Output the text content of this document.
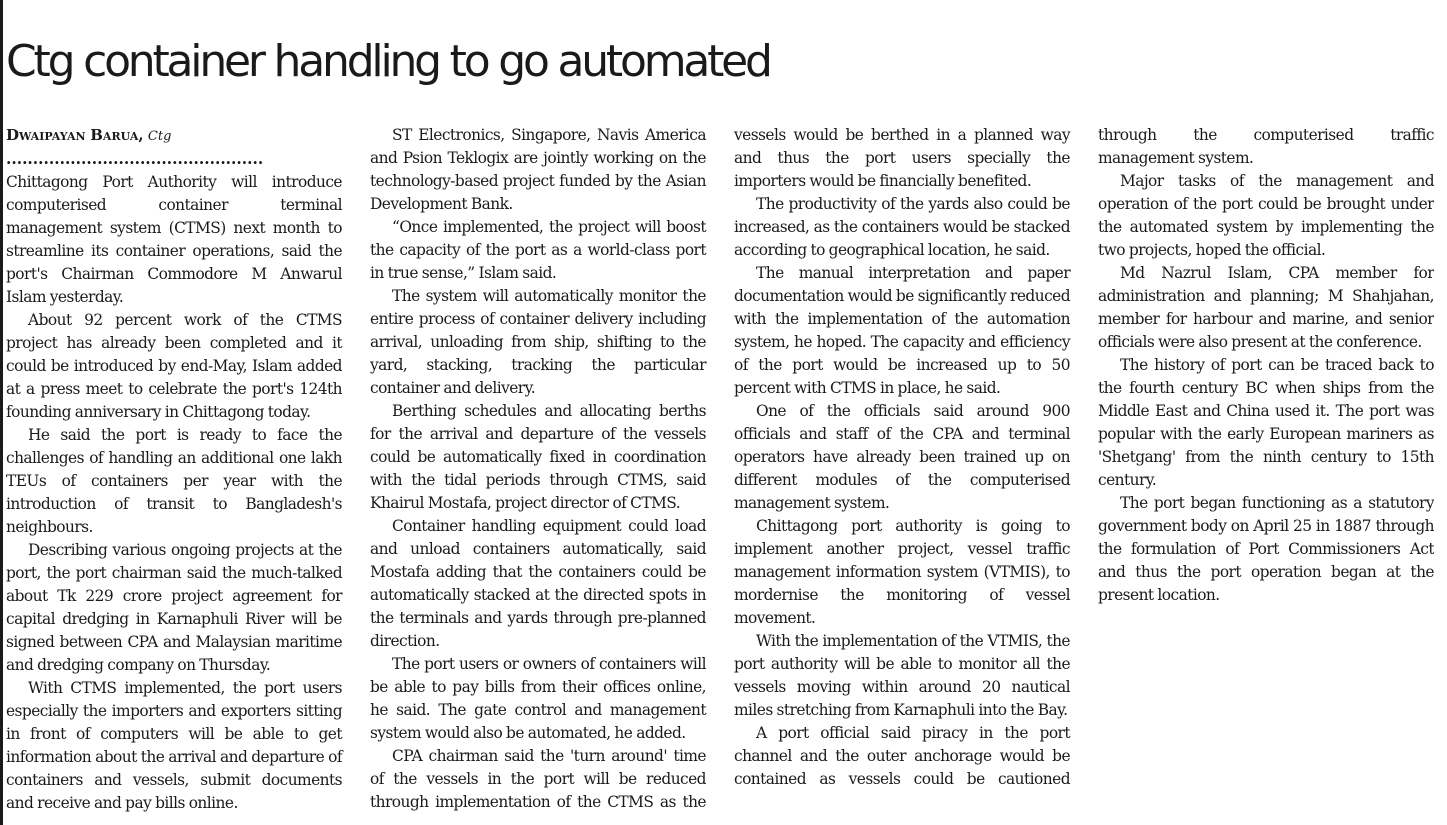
Ctg container handling to go automated

Dwaipayan Barua, Ctg

................................................

Chittagong Port Authority will introduce computerised container terminal management system (CTMS) next month to streamline its container operations, said the port's Chairman Commodore M Anwarul Islam yesterday.

About 92 percent work of the CTMS project has already been completed and it could be introduced by end-May, Islam added at a press meet to celebrate the port's 124th founding anniversary in Chittagong today.

He said the port is ready to face the challenges of handling an additional one lakh TEUs of containers per year with the introduction of transit to Bangladesh's neighbours.

Describing various ongoing projects at the port, the port chairman said the much-talked about Tk 229 crore project agreement for capital dredging in Karnaphuli River will be signed between CPA and Malaysian maritime and dredging company on Thursday.

With CTMS implemented, the port users especially the importers and exporters sitting in front of computers will be able to get information about the arrival and departure of containers and vessels, submit documents and receive and pay bills online.

ST Electronics, Singapore, Navis America and Psion Teklogix are jointly working on the technology-based project funded by the Asian Development Bank.

“Once implemented, the project will boost the capacity of the port as a world-class port in true sense,” Islam said.

The system will automatically monitor the entire process of container delivery including arrival, unloading from ship, shifting to the yard, stacking, tracking the particular container and delivery.

Berthing schedules and allocating berths for the arrival and departure of the vessels could be automatically fixed in coordination with the tidal periods through CTMS, said Khairul Mostafa, project director of CTMS.

Container handling equipment could load and unload containers automatically, said Mostafa adding that the containers could be automatically stacked at the directed spots in the terminals and yards through pre-planned direction.

The port users or owners of containers will be able to pay bills from their offices online, he said. The gate control and management system would also be automated, he added.

CPA chairman said the 'turn around' time of the vessels in the port will be reduced through implementation of the CTMS as the vessels would be berthed in a planned way and thus the port users specially the importers would be financially benefited.

The productivity of the yards also could be increased, as the containers would be stacked according to geographical location, he said.

The manual interpretation and paper documentation would be significantly reduced with the implementation of the automation system, he hoped. The capacity and efficiency of the port would be increased up to 50 percent with CTMS in place, he said.

One of the officials said around 900 officials and staff of the CPA and terminal operators have already been trained up on different modules of the computerised management system.

Chittagong port authority is going to implement another project, vessel traffic management information system (VTMIS), to mordernise the monitoring of vessel movement.

With the implementation of the VTMIS, the port authority will be able to monitor all the vessels moving within around 20 nautical miles stretching from Karnaphuli into the Bay.

A port official said piracy in the port channel and the outer anchorage would be contained as vessels could be cautioned through the computerised traffic management system.

Major tasks of the management and operation of the port could be brought under the automated system by implementing the two projects, hoped the official.

Md Nazrul Islam, CPA member for administration and planning; M Shahjahan, member for harbour and marine, and senior officials were also present at the conference.

The history of port can be traced back to the fourth century BC when ships from the Middle East and China used it. The port was popular with the early European mariners as 'Shetgang' from the ninth century to 15th century.

The port began functioning as a statutory government body on April 25 in 1887 through the formulation of Port Commissioners Act and thus the port operation began at the present location.
